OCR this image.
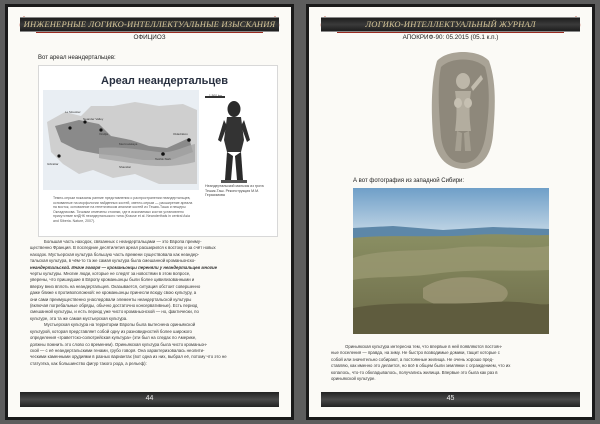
ИНЖЕНЕРНЫЕ ЛОГИКО-ИНТЕЛЛЕКТУАЛЬНЫЕ ИЗЫСКАНИЯ
ОФИЦИОЗ
Вот ареал неандертальцев:
Ареал неандертальцев
1,500 km
Le Moustier
Neander Valley
Vindija
Shanidar
Teshik-Tash
Okladnikov
Gibraltar
Mezmaiskaya
Темно-серым показаны ранние представления о распространении неандертальцев, основанные на морфологии найденных костей, светло-серым — расширение ареала на восток, основанное на генетическом анализе костей из Тешик-Таша и пещеры Окладникова. Точками отмечены стоянки, где в ископаемых костях установлено присутствие мтДНК неандертальского типа (Krause et al. Neanderthals in central Asia and Siberia. Nature, 2007).
Неандертальский мальчик из грота Тешик-Таш. Реконструкция М.М. Герасимова
Большая часть находок, связанных с неандертальцами — это Европа преиму-
щественно Франция. В последние десятилетия ареал расширился к востоку и за счёт новых
находок. Мустьерская культура большую часть времени существовала как неандер-
тальская культура, в чём-то та же самая культура была смешанной кроманьонско-
неандертальской. Иначе говоря — кроманьонцы переняли у неандертальцев многие
черты культуры. Многие люди, которые не следят за новостями в этом вопросе,
уверены, что пришедшие в Европу кроманьонцы были более цивилизованными и
вверху вниз вплоть на неандертальцев. Оказывается, ситуация обстоит совершенно
даже ближе к противоположной: не кроманьонцы принесли всюду свою культуру, а
они сами преимущественно унаследовали элементы неандертальской культуры
(включая погребальные обряды, обычно достаточно консервативные). Есть период
смешанной культуры, и есть период уже чисто кроманьонской — но, фактически, по
культуре, эта та же самая мустьерская культура.
Мустьерская культура на территории Европы была вытеснена ориньякской
культурой, которая представляет собой одну из разновидностей более широкого
определения «граветтско-солютрейская культура» (эти был на следах по Америке,
должны помнить это слово со временем). Ориньякская культура была чисто кроманьон-
ской — с её неандертальскими генами, грубо говоря. Она характеризовалась неолити-
ческими каменными орудиями в разных вариантах (вот одна из них, выбрал её, потому что это не
статуэтка, как большинство фигур такого рода, а рельеф):
44
ЛОГИКО-ИНТЕЛЛЕКТУАЛЬНЫЙ ЖУРНАЛ
АПОКРИФ-90: 05.2015 (05.1 к.п.)
А вот фотография из западной Сибири:
Ориньякская культура интересна тем, что впервые в ней появляются постоян-
ные поселения — правда, на зиму. Не быстро возводимые домики, тащит которые с
собой или значительно собирают, а постоянные жилища. Не очень хорошо пред-
ставляю, как именно это делается, но всё в общем были землянки с ограждением, что их
копалось, что-то обкладывалось, получались жилища. Впервые это была как раз в
ориньякской культуре.
45
